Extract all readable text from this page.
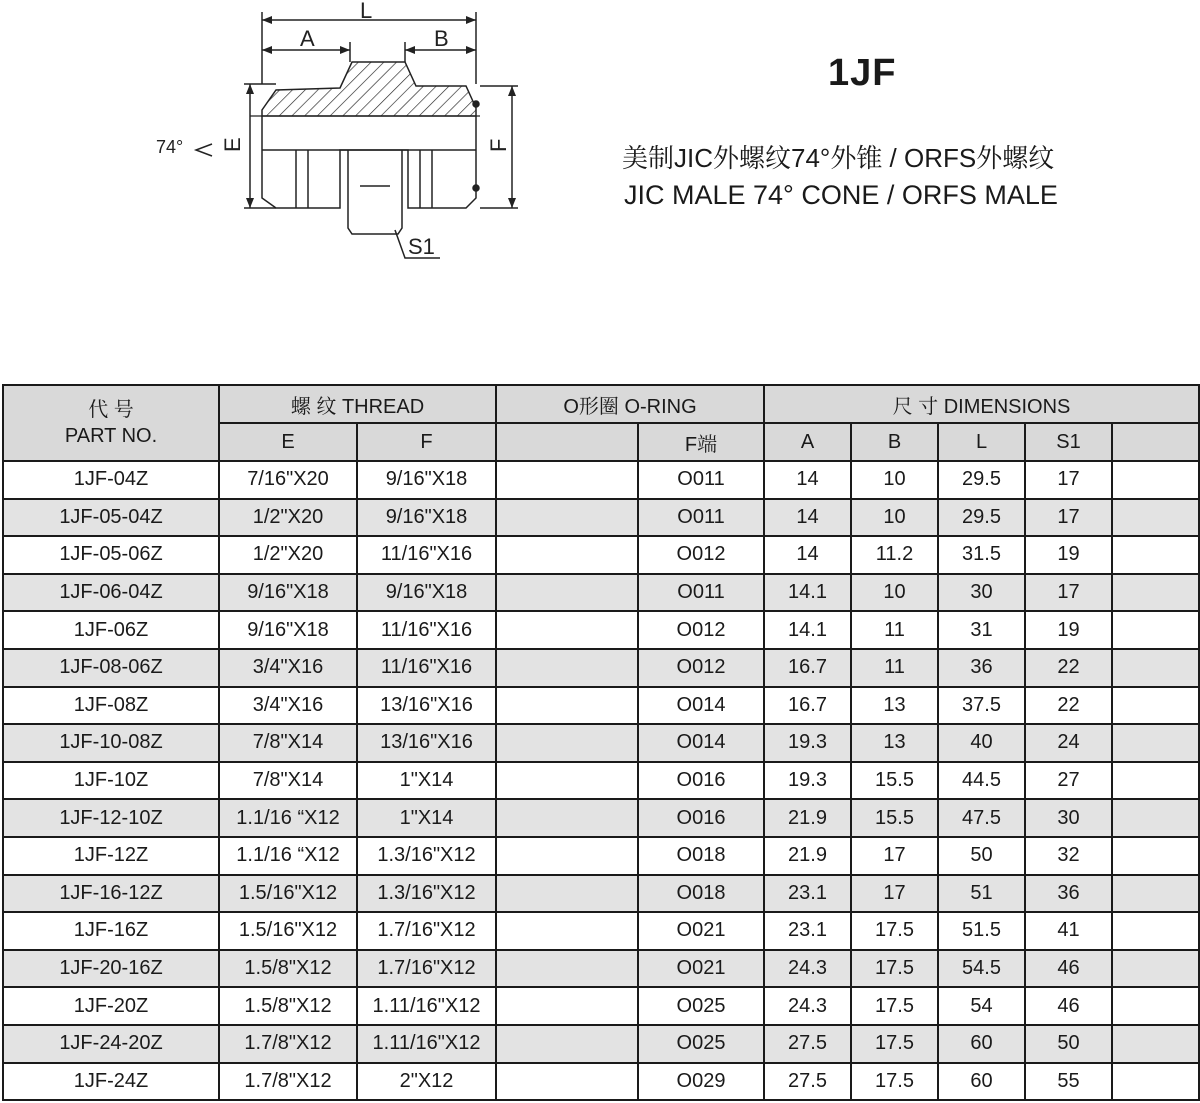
L
A	B
E	F
74°
S1
1JF
美制JIC外螺纹74°外锥 / ORFS外螺纹
JIC MALE 74° CONE / ORFS MALE
代 号
PART NO.	螺 纹 THREAD		O形圈 O-RING		尺 寸 DIMENSIONS				
	E	F		F端	A	B	L	S1	
1JF-04Z	7/16"X20	9/16"X18		O011	14	10	29.5	17	
1JF-05-04Z	1/2"X20	9/16"X18		O011	14	10	29.5	17	
1JF-05-06Z	1/2"X20	11/16"X16		O012	14	11.2	31.5	19	
1JF-06-04Z	9/16"X18	9/16"X18		O011	14.1	10	30	17	
1JF-06Z	9/16"X18	11/16"X16		O012	14.1	11	31	19	
1JF-08-06Z	3/4"X16	11/16"X16		O012	16.7	11	36	22	
1JF-08Z	3/4"X16	13/16"X16		O014	16.7	13	37.5	22	
1JF-10-08Z	7/8"X14	13/16"X16		O014	19.3	13	40	24	
1JF-10Z	7/8"X14	1"X14		O016	19.3	15.5	44.5	27	
1JF-12-10Z	1.1/16 “X12	1"X14		O016	21.9	15.5	47.5	30	
1JF-12Z	1.1/16 “X12	1.3/16"X12		O018	21.9	17	50	32	
1JF-16-12Z	1.5/16"X12	1.3/16"X12		O018	23.1	17	51	36	
1JF-16Z	1.5/16"X12	1.7/16"X12		O021	23.1	17.5	51.5	41	
1JF-20-16Z	1.5/8"X12	1.7/16"X12		O021	24.3	17.5	54.5	46	
1JF-20Z	1.5/8"X12	1.11/16"X12		O025	24.3	17.5	54	46	
1JF-24-20Z	1.7/8"X12	1.11/16"X12		O025	27.5	17.5	60	50	
1JF-24Z	1.7/8"X12	2"X12		O029	27.5	17.5	60	55	
